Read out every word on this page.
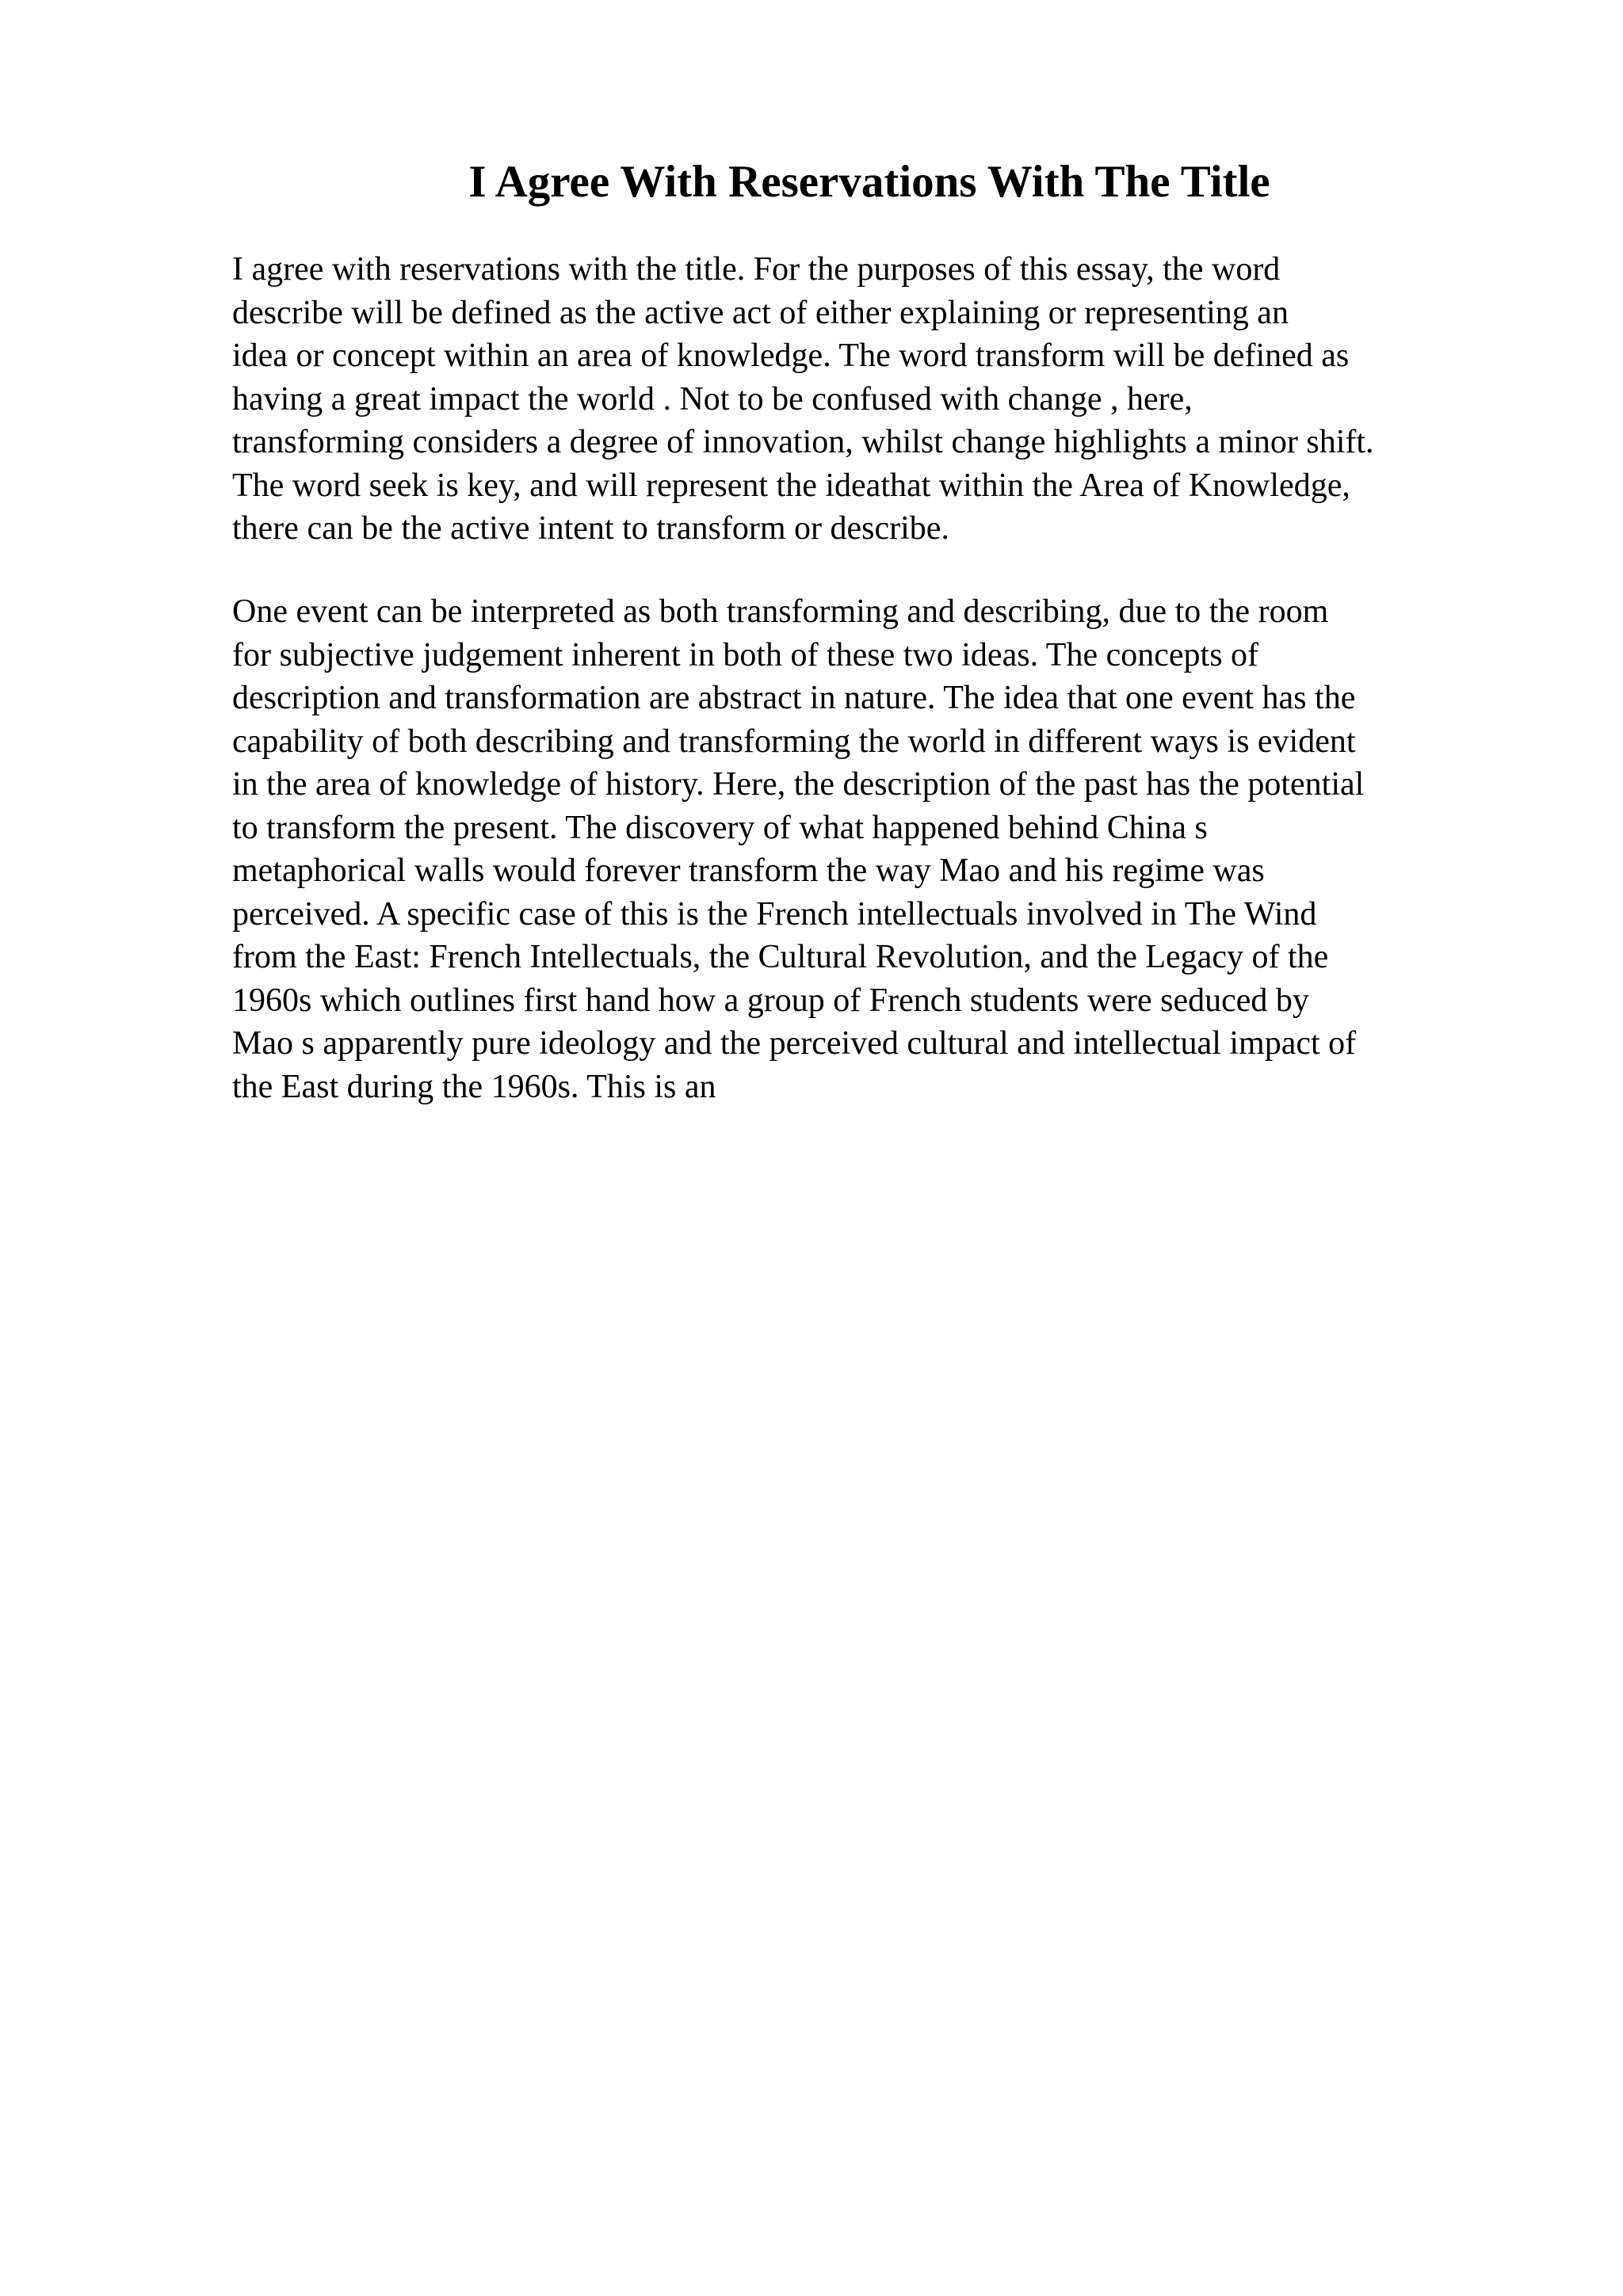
I Agree With Reservations With The Title
I agree with reservations with the title. For the purposes of this essay, the word
describe will be defined as the active act of either explaining or representing an
idea or concept within an area of knowledge. The word transform will be defined as
having a great impact the world . Not to be confused with change , here,
transforming considers a degree of innovation, whilst change highlights a minor shift.
The word seek is key, and will represent the ideathat within the Area of Knowledge,
there can be the active intent to transform or describe.
One event can be interpreted as both transforming and describing, due to the room
for subjective judgement inherent in both of these two ideas. The concepts of
description and transformation are abstract in nature. The idea that one event has the
capability of both describing and transforming the world in different ways is evident
in the area of knowledge of history. Here, the description of the past has the potential
to transform the present. The discovery of what happened behind China s
metaphorical walls would forever transform the way Mao and his regime was
perceived. A specific case of this is the French intellectuals involved in The Wind
from the East: French Intellectuals, the Cultural Revolution, and the Legacy of the
1960s which outlines first hand how a group of French students were seduced by
Mao s apparently pure ideology and the perceived cultural and intellectual impact of
the East during the 1960s. This is an
